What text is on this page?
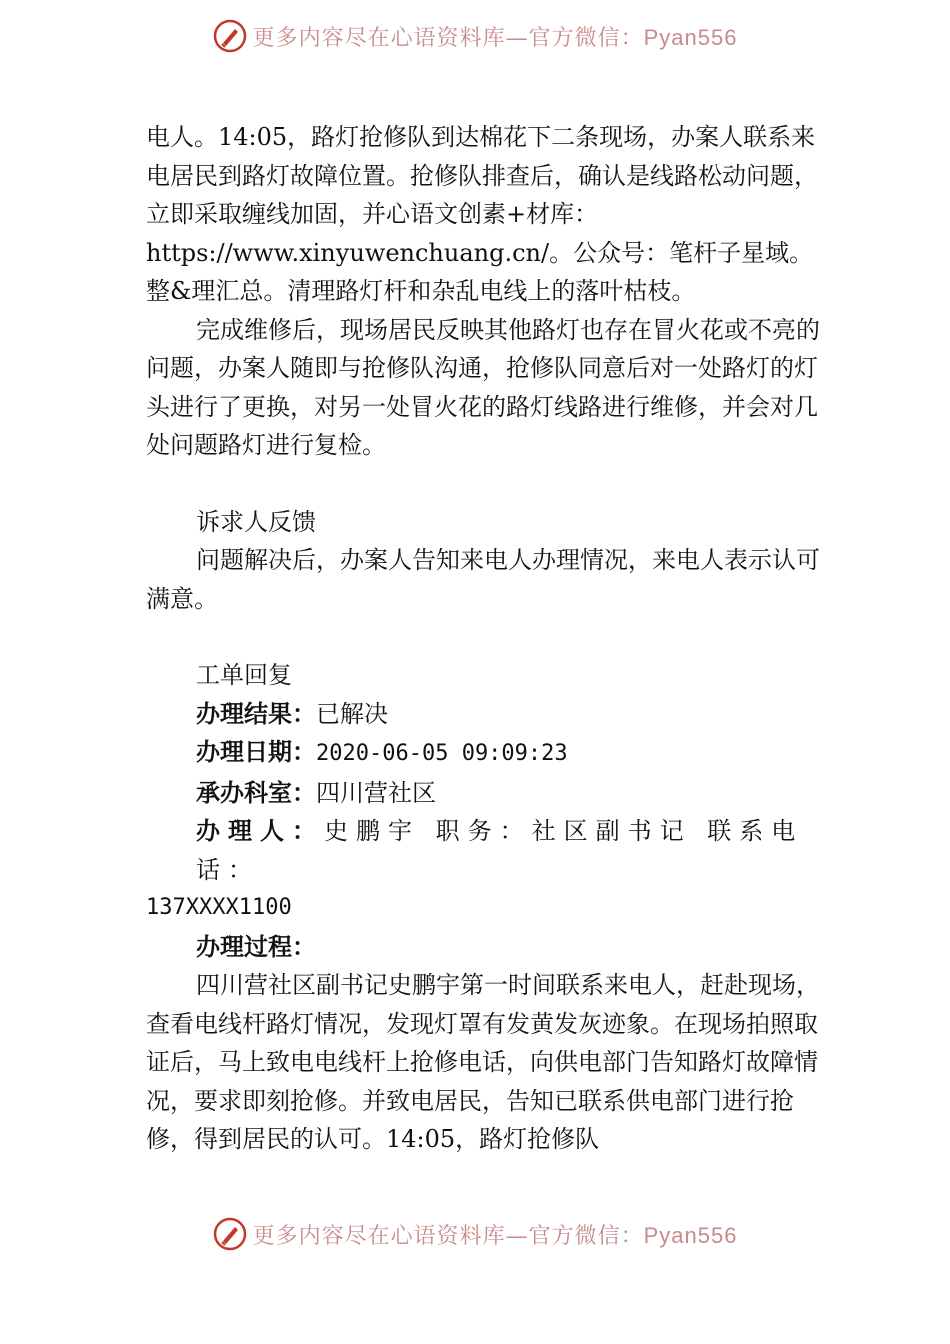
更多内容尽在心语资料库—官方微信：Pyan556

电人。14:05，路灯抢修队到达棉花下二条现场，办案人联系来电居民到路灯故障位置。抢修队排查后，确认是线路松动问题，立即采取缠线加固，并心语文创素+材库：https://www.xinyuwenchuang.cn/。公众号：笔杆子星域。整&理汇总。清理路灯杆和杂乱电线上的落叶枯枝。

完成维修后，现场居民反映其他路灯也存在冒火花或不亮的问题，办案人随即与抢修队沟通，抢修队同意后对一处路灯的灯头进行了更换，对另一处冒火花的路灯线路进行维修，并会对几处问题路灯进行复检。

诉求人反馈

问题解决后，办案人告知来电人办理情况，来电人表示认可满意。

工单回复

办理结果：已解决

办理日期：2020-06-05 09:09:23

承办科室：四川营社区

办理人：史鹏宇 职务：社区副书记 联系电话：

137XXXX1100

办理过程：

四川营社区副书记史鹏宇第一时间联系来电人，赶赴现场，查看电线杆路灯情况，发现灯罩有发黄发灰迹象。在现场拍照取证后，马上致电电线杆上抢修电话，向供电部门告知路灯故障情况，要求即刻抢修。并致电居民，告知已联系供电部门进行抢修，得到居民的认可。14:05，路灯抢修队

更多内容尽在心语资料库—官方微信：Pyan556
